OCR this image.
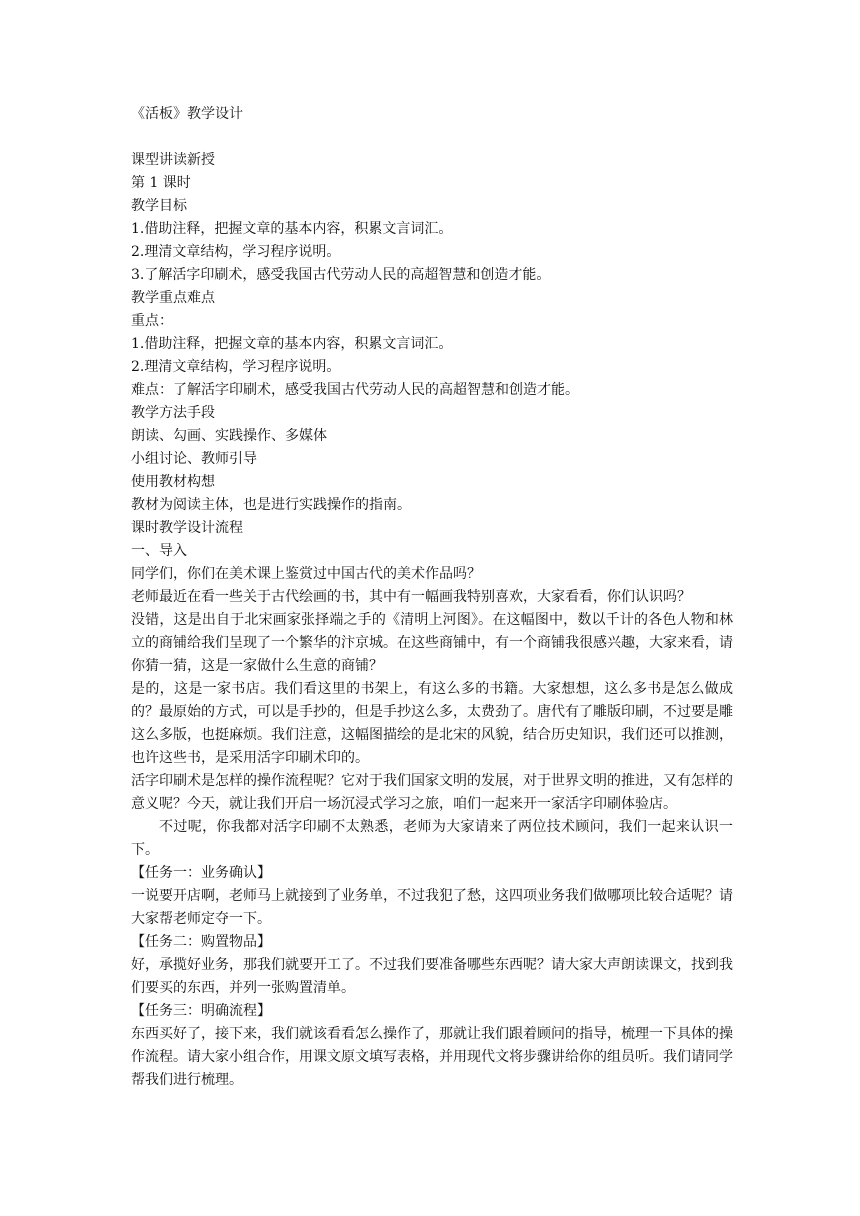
《活板》教学设计

课型讲读新授

第 1 课时

教学目标

1.借助注释，把握文章的基本内容，积累文言词汇。

2.理清文章结构，学习程序说明。

3.了解活字印刷术，感受我国古代劳动人民的高超智慧和创造才能。

教学重点难点

重点：

1.借助注释，把握文章的基本内容，积累文言词汇。

2.理清文章结构，学习程序说明。

难点：了解活字印刷术，感受我国古代劳动人民的高超智慧和创造才能。

教学方法手段

朗读、勾画、实践操作、多媒体

小组讨论、教师引导

使用教材构想

教材为阅读主体，也是进行实践操作的指南。

课时教学设计流程

一、导入

同学们，你们在美术课上鉴赏过中国古代的美术作品吗？

老师最近在看一些关于古代绘画的书，其中有一幅画我特别喜欢，大家看看，你们认识吗？

没错，这是出自于北宋画家张择端之手的《清明上河图》。在这幅图中，数以千计的各色人物和林立的商铺给我们呈现了一个繁华的汴京城。在这些商铺中，有一个商铺我很感兴趣，大家来看，请你猜一猜，这是一家做什么生意的商铺？

是的，这是一家书店。我们看这里的书架上，有这么多的书籍。大家想想，这么多书是怎么做成的？最原始的方式，可以是手抄的，但是手抄这么多，太费劲了。唐代有了雕版印刷，不过要是雕这么多版，也挺麻烦。我们注意，这幅图描绘的是北宋的风貌，结合历史知识，我们还可以推测，也许这些书，是采用活字印刷术印的。

活字印刷术是怎样的操作流程呢？它对于我们国家文明的发展，对于世界文明的推进，又有怎样的意义呢？今天，就让我们开启一场沉浸式学习之旅，咱们一起来开一家活字印刷体验店。

不过呢，你我都对活字印刷不太熟悉，老师为大家请来了两位技术顾问，我们一起来认识一下。

【任务一：业务确认】

一说要开店啊，老师马上就接到了业务单，不过我犯了愁，这四项业务我们做哪项比较合适呢？请大家帮老师定夺一下。

【任务二：购置物品】

好，承揽好业务，那我们就要开工了。不过我们要准备哪些东西呢？请大家大声朗读课文，找到我们要买的东西，并列一张购置清单。

【任务三：明确流程】

东西买好了，接下来，我们就该看看怎么操作了，那就让我们跟着顾问的指导，梳理一下具体的操作流程。请大家小组合作，用课文原文填写表格，并用现代文将步骤讲给你的组员听。我们请同学帮我们进行梳理。
